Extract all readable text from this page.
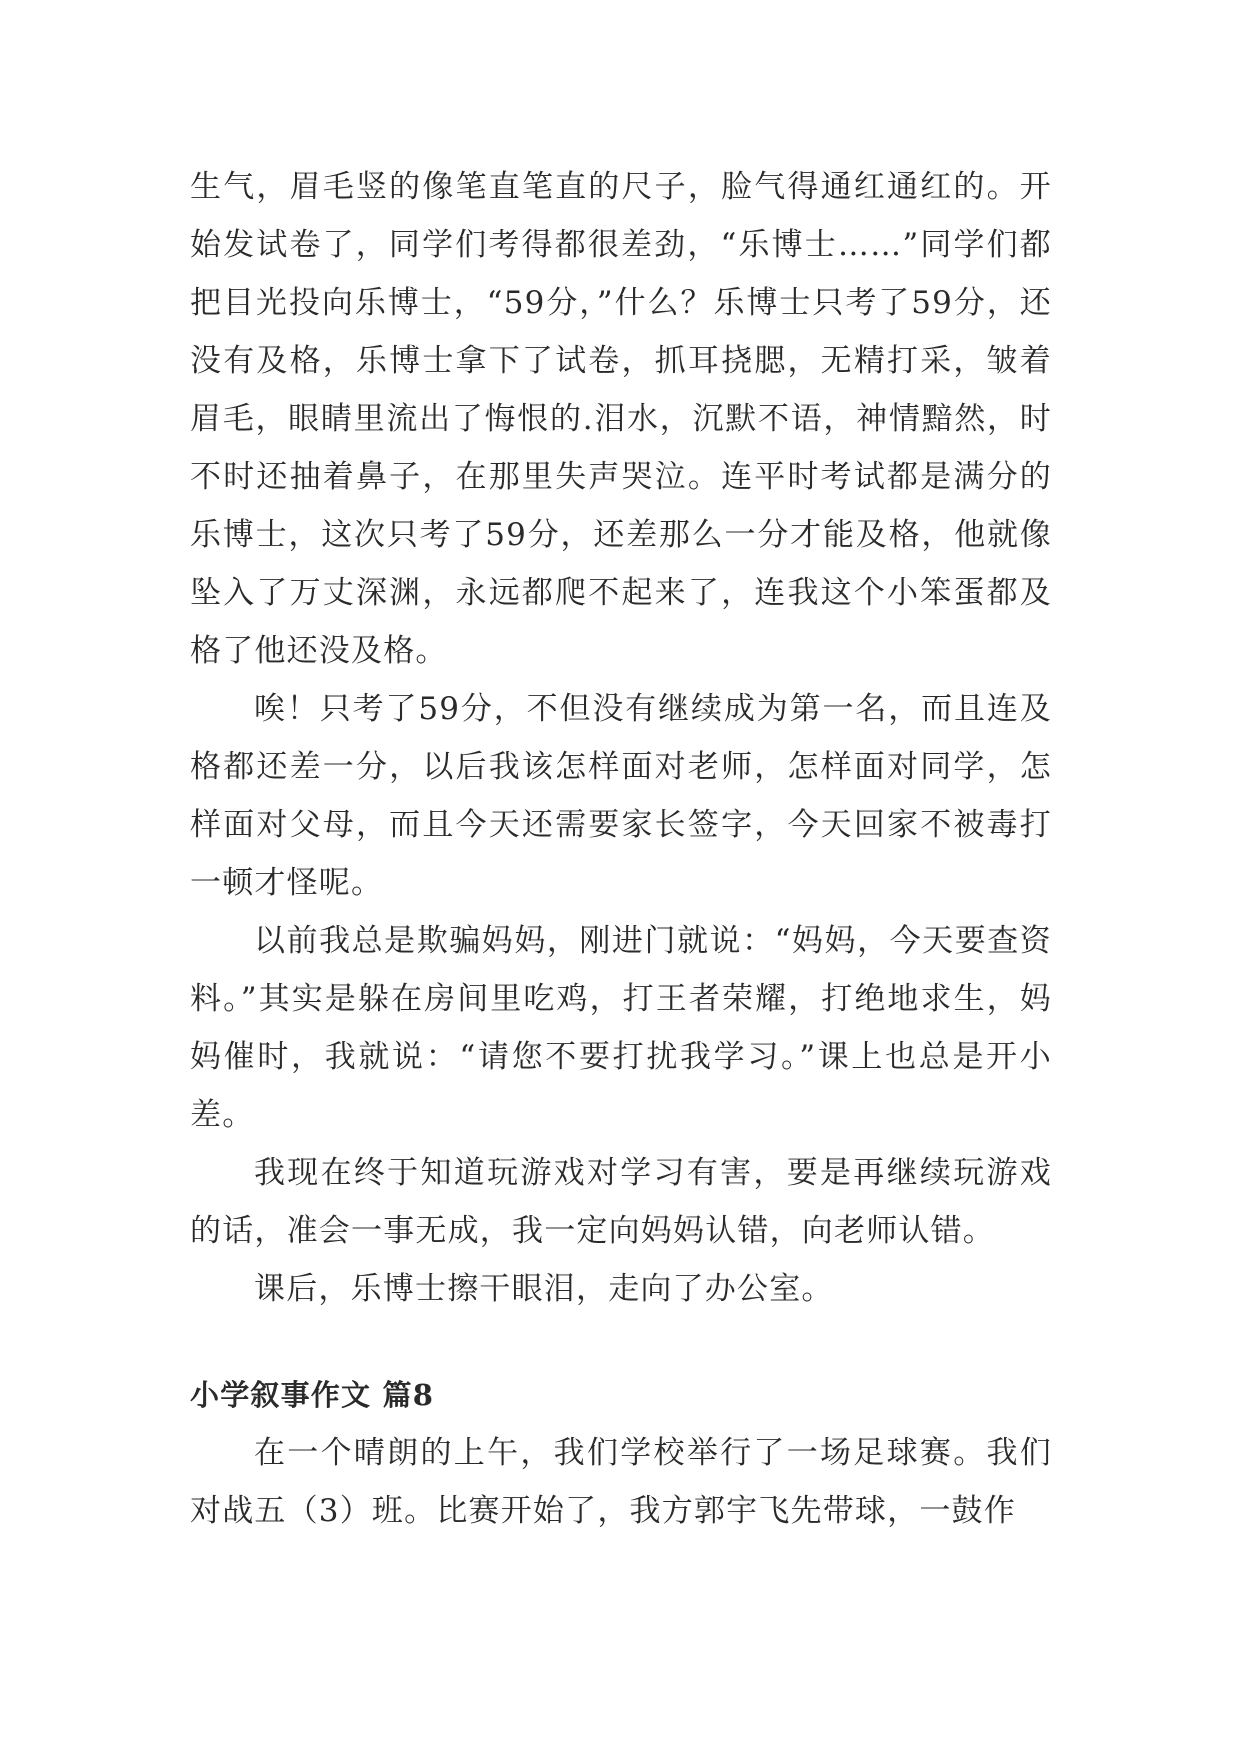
生气，眉毛竖的像笔直笔直的尺子，脸气得通红通红的。开始发试卷了，同学们考得都很差劲，“乐博士……”同学们都把目光投向乐博士，“59分，”什么？乐博士只考了59分，还没有及格，乐博士拿下了试卷，抓耳挠腮，无精打采，皱着眉毛，眼睛里流出了悔恨的.泪水，沉默不语，神情黯然，时不时还抽着鼻子，在那里失声哭泣。连平时考试都是满分的乐博士，这次只考了59分，还差那么一分才能及格，他就像坠入了万丈深渊，永远都爬不起来了，连我这个小笨蛋都及格了他还没及格。

唉！只考了59分，不但没有继续成为第一名，而且连及格都还差一分，以后我该怎样面对老师，怎样面对同学，怎样面对父母，而且今天还需要家长签字，今天回家不被毒打一顿才怪呢。

以前我总是欺骗妈妈，刚进门就说：“妈妈，今天要查资料。”其实是躲在房间里吃鸡，打王者荣耀，打绝地求生，妈妈催时，我就说：“请您不要打扰我学习。”课上也总是开小差。

我现在终于知道玩游戏对学习有害，要是再继续玩游戏的话，准会一事无成，我一定向妈妈认错，向老师认错。

课后，乐博士擦干眼泪，走向了办公室。

小学叙事作文 篇8

在一个晴朗的上午，我们学校举行了一场足球赛。我们对战五（3）班。比赛开始了，我方郭宇飞先带球，一鼓作
